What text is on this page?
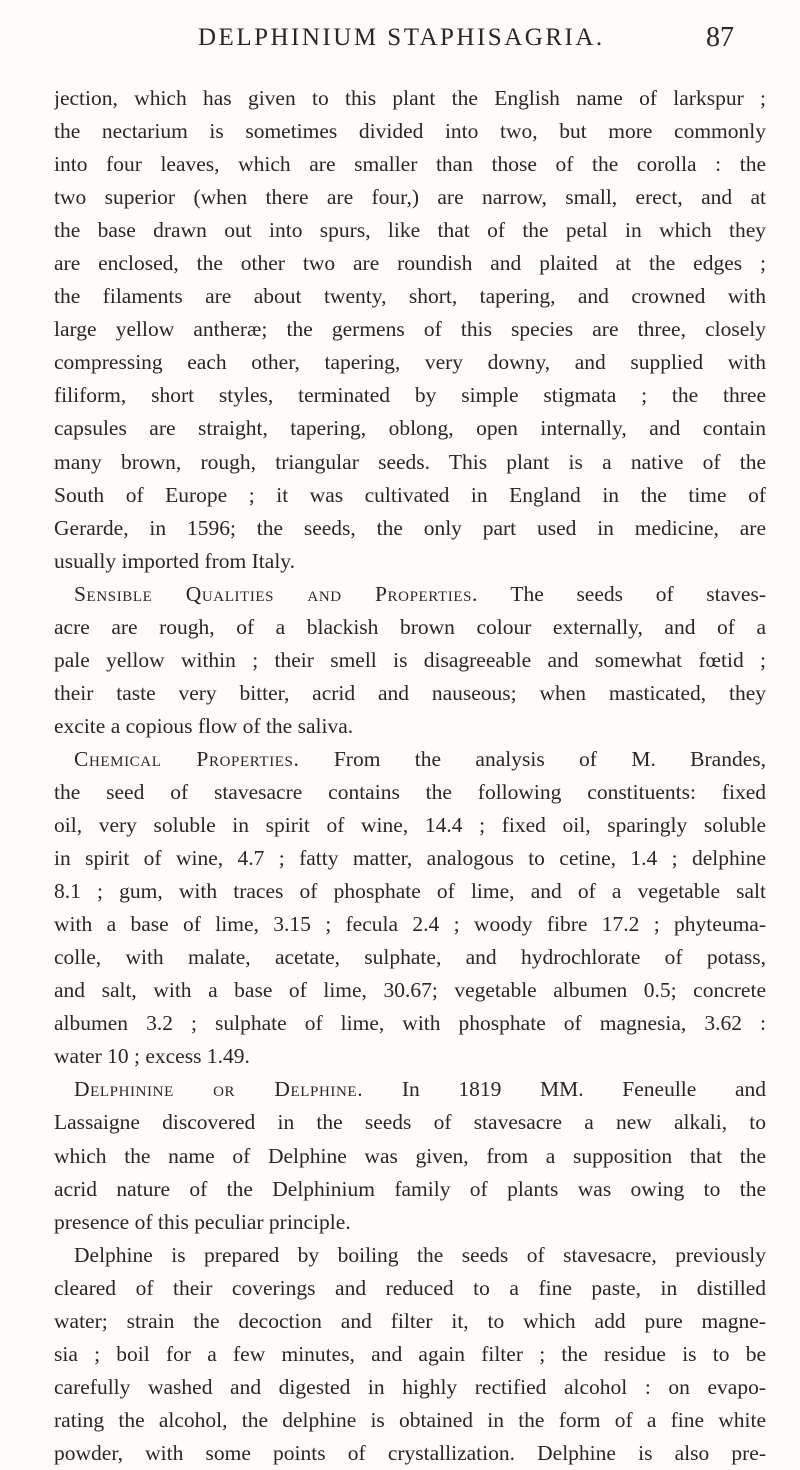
DELPHINIUM STAPHISAGRIA.	87
jection, which has given to this plant the English name of larkspur ;
the nectarium is sometimes divided into two, but more commonly
into four leaves, which are smaller than those of the corolla : the
two superior (when there are four,) are narrow, small, erect, and at
the base drawn out into spurs, like that of the petal in which they
are enclosed, the other two are roundish and plaited at the edges ;
the filaments are about twenty, short, tapering, and crowned with
large yellow antheræ; the germens of this species are three, closely
compressing each other, tapering, very downy, and supplied with
filiform, short styles, terminated by simple stigmata ; the three
capsules are straight, tapering, oblong, open internally, and contain
many brown, rough, triangular seeds. This plant is a native of the
South of Europe ; it was cultivated in England in the time of
Gerarde, in 1596; the seeds, the only part used in medicine, are
usually imported from Italy.
Sensible Qualities and Properties. The seeds of staves-
acre are rough, of a blackish brown colour externally, and of a
pale yellow within ; their smell is disagreeable and somewhat fœtid ;
their taste very bitter, acrid and nauseous; when masticated, they
excite a copious flow of the saliva.
Chemical Properties. From the analysis of M. Brandes,
the seed of stavesacre contains the following constituents: fixed
oil, very soluble in spirit of wine, 14.4 ; fixed oil, sparingly soluble
in spirit of wine, 4.7 ; fatty matter, analogous to cetine, 1.4 ; delphine
8.1 ; gum, with traces of phosphate of lime, and of a vegetable salt
with a base of lime, 3.15 ; fecula 2.4 ; woody fibre 17.2 ; phyteuma-
colle, with malate, acetate, sulphate, and hydrochlorate of potass,
and salt, with a base of lime, 30.67; vegetable albumen 0.5; concrete
albumen 3.2 ; sulphate of lime, with phosphate of magnesia, 3.62 :
water 10 ; excess 1.49.
Delphinine or Delphine. In 1819 MM. Feneulle and
Lassaigne discovered in the seeds of stavesacre a new alkali, to
which the name of Delphine was given, from a supposition that the
acrid nature of the Delphinium family of plants was owing to the
presence of this peculiar principle.
Delphine is prepared by boiling the seeds of stavesacre, previously
cleared of their coverings and reduced to a fine paste, in distilled
water; strain the decoction and filter it, to which add pure magne-
sia ; boil for a few minutes, and again filter ; the residue is to be
carefully washed and digested in highly rectified alcohol : on evapo-
rating the alcohol, the delphine is obtained in the form of a fine white
powder, with some points of crystallization. Delphine is also pre-
